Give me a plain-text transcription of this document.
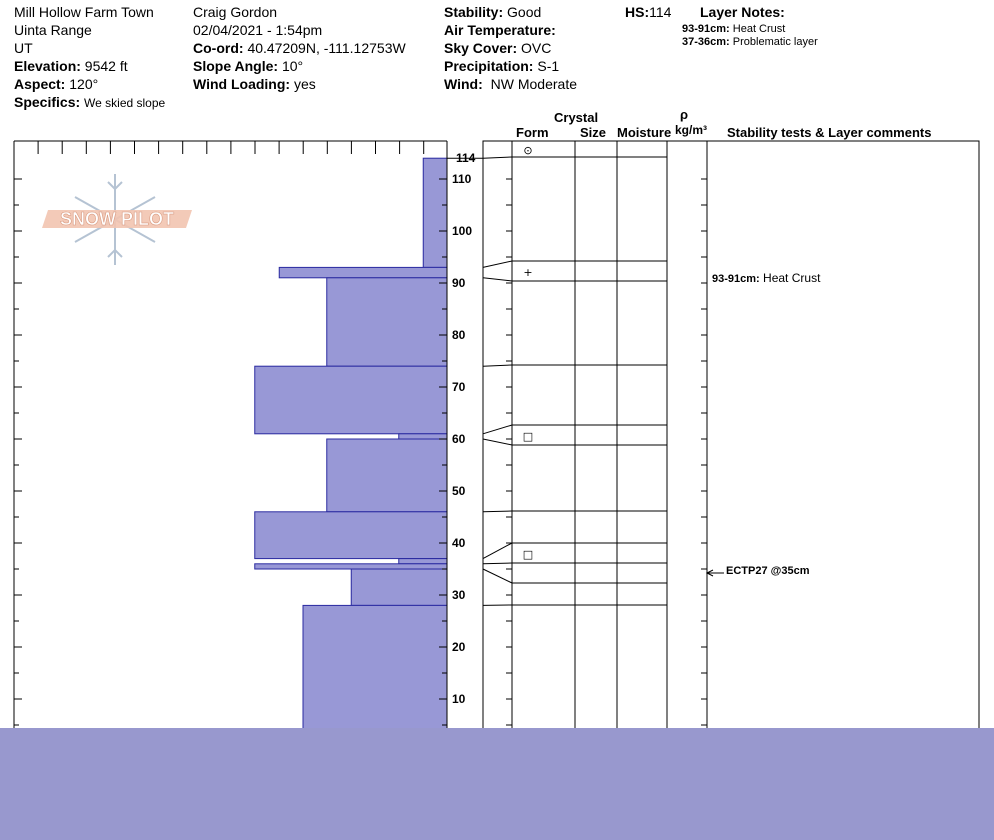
Mill Hollow Farm Town
Uinta Range
UT
Elevation: 9542 ft
Aspect: 120°
Specifics: We skied slope
Craig Gordon
02/04/2021 - 1:54pm
Co-ord: 40.47209N, -111.12753W
Slope Angle: 10°
Wind Loading: yes
Stability: Good
Air Temperature:
Sky Cover: OVC
Precipitation: S-1
Wind: NW Moderate
HS:114 Layer Notes:
93-91cm: Heat Crust
37-36cm: Problematic layer
Crystal
Form Size Moisture
ρ
kg/m³ Stability tests & Layer comments
⊙
+
□
□
10
20
30
40
50
60
70
80
90
100
110
114
SNOW PILOT
93-91cm: Heat Crust
ECTP27 @35cm
